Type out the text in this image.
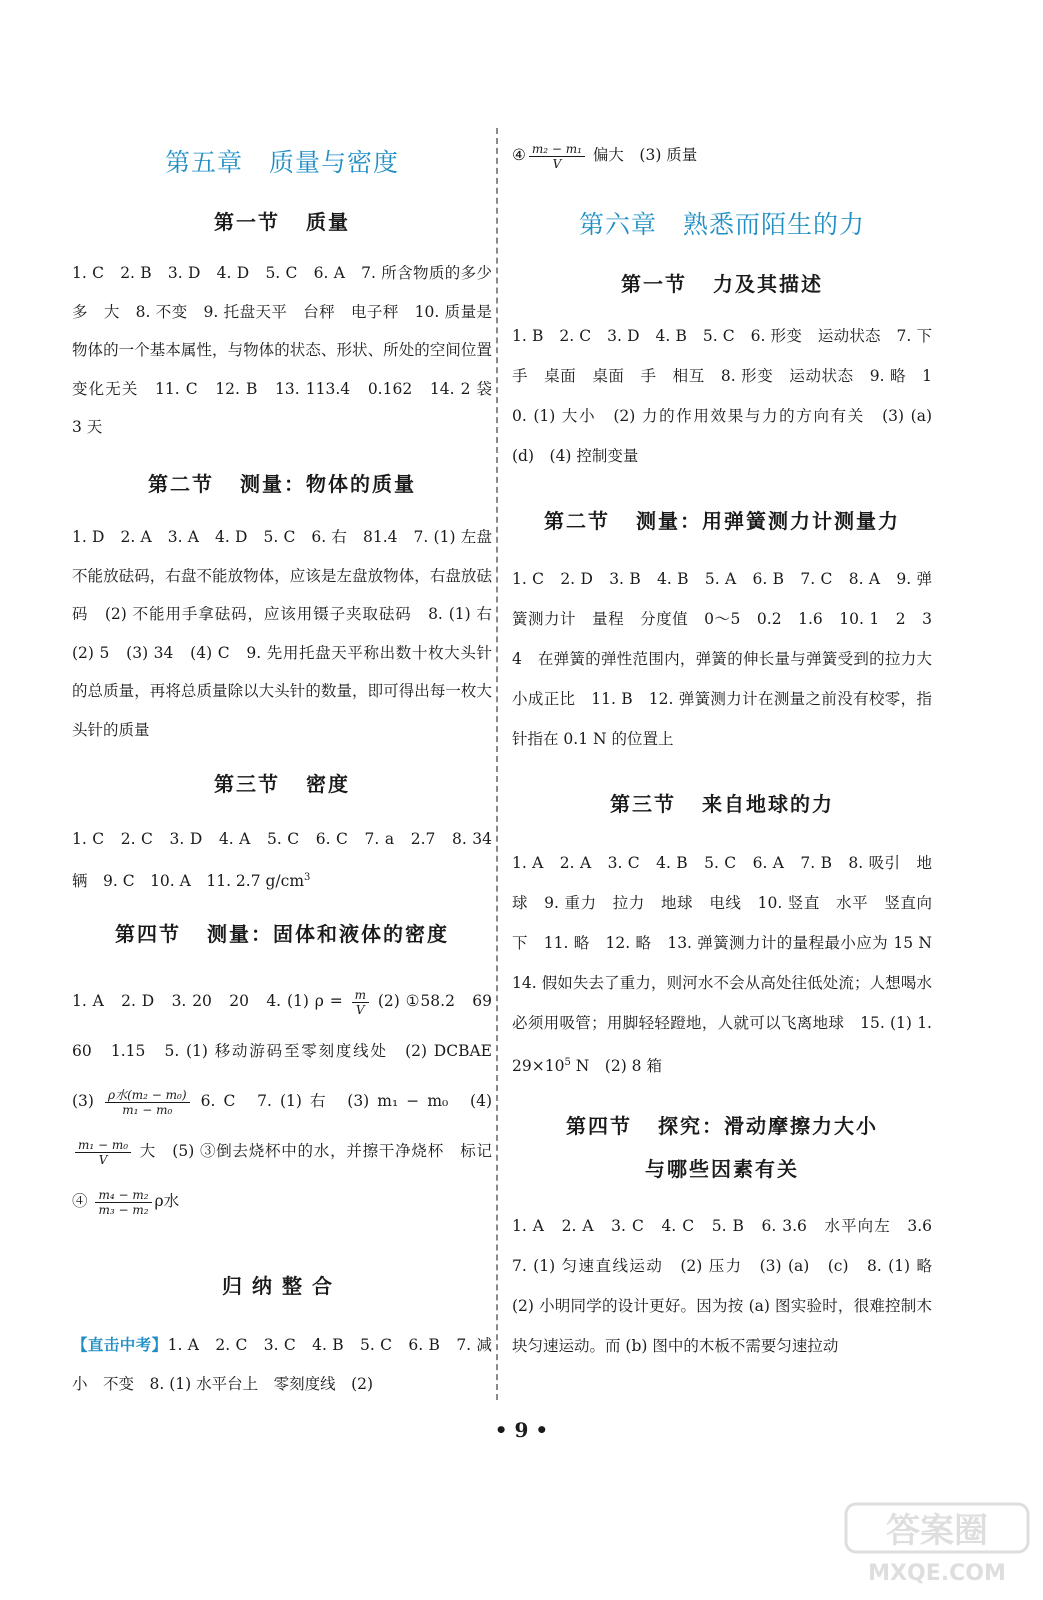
第五章　质量与密度
第一节 质量
1. C　2. B　3. D　4. D　5. C　6. A　7. 所含物质的多少　多　大　8. 不变　9. 托盘天平　台秤　电子秤　10. 质量是物体的一个基本属性，与物体的状态、形状、所处的空间位置变化无关　11. C　12. B　13. 113.4　0.162　14. 2 袋　3 天
第二节 测量：物体的质量
1. D　2. A　3. A　4. D　5. C　6. 右　81.4　7. (1) 左盘不能放砝码，右盘不能放物体，应该是左盘放物体，右盘放砝码　(2) 不能用手拿砝码，应该用镊子夹取砝码　8. (1) 右　(2) 5　(3) 34　(4) C　9. 先用托盘天平称出数十枚大头针的总质量，再将总质量除以大头针的数量，即可得出每一枚大头针的质量
第三节 密度
1. C　2. C　3. D　4. A　5. C　6. C　7. a　2.7　8. 34 辆　9. C　10. A　11. 2.7 $g/cm^3$
第四节 测量：固体和液体的密度
1. A　2. D　3. 20　20　4. (1) $\rho = \frac{m}{V} (2)$ ①58.2　69　60　1.15　5. (1) 移动游码至零刻度线处　(2) DCBAE　$(3) \frac{\text{ρ水(m₂ − m₀)}}{\text{m₁ − m₀}} 6$. C　7. (1) 右　(3) m₁ − m₀　(4)
$\frac{\text{m₁ − m₀}}{V}$ 大　(5) ③倒去烧杯中的水，并擦干净烧杯　标记　④ $\frac{\text{m₄ − m₂}}{\text{m₃ − m₂}}$ ρ水
归纳整合
【直击中考】1. A　2. C　3. C　4. B　5. C　6. B　7. 减小　不变　8. (1) 水平台上　零刻度线　(2)
④ $\frac{\text{m₂ − m₁}}{V}$ 偏大　(3) 质量
第六章　熟悉而陌生的力
第一节 力及其描述
1. B　2. C　3. D　4. B　5. C　6. 形变　运动状态　7. 下　手　桌面　桌面　手　相互　8. 形变　运动状态　9. 略　10. (1) 大小　(2) 力的作用效果与力的方向有关　(3) (a)　(d)　(4) 控制变量
第二节 测量：用弹簧测力计测量力
1. C　2. D　3. B　4. B　5. A　6. B　7. C　8. A　9. 弹簧测力计　量程　分度值　0～5　0.2　1.6　10. 1　2　3　4　在弹簧的弹性范围内，弹簧的伸长量与弹簧受到的拉力大小成正比　11. B　12. 弹簧测力计在测量之前没有校零，指针指在 0.1 N 的位置上
第三节 来自地球的力
1. A　2. A　3. C　4. B　5. C　6. A　7. B　8. 吸引　地球　9. 重力　拉力　地球　电线　10. 竖直　水平　竖直向下　11. 略　12. 略　13. 弹簧测力计的量程最小应为 15 N　14. 假如失去了重力，则河水不会从高处往低处流；人想喝水必须用吸管；用脚轻轻蹬地，人就可以飞离地球　15. (1) $1.29\times 10^5$ N　(2) 8 箱
第四节 探究：滑动摩擦力大小
与哪些因素有关
1. A　2. A　3. C　4. C　5. B　6. 3.6　水平向左　3.6　7. (1) 匀速直线运动　(2) 压力　(3) (a)　(c)　8. (1) 略　(2) 小明同学的设计更好。因为按 (a) 图实验时，很难控制木块匀速运动。而 (b) 图中的木板不需要匀速拉动
• 9 •
答案圈
MXQE.COM
